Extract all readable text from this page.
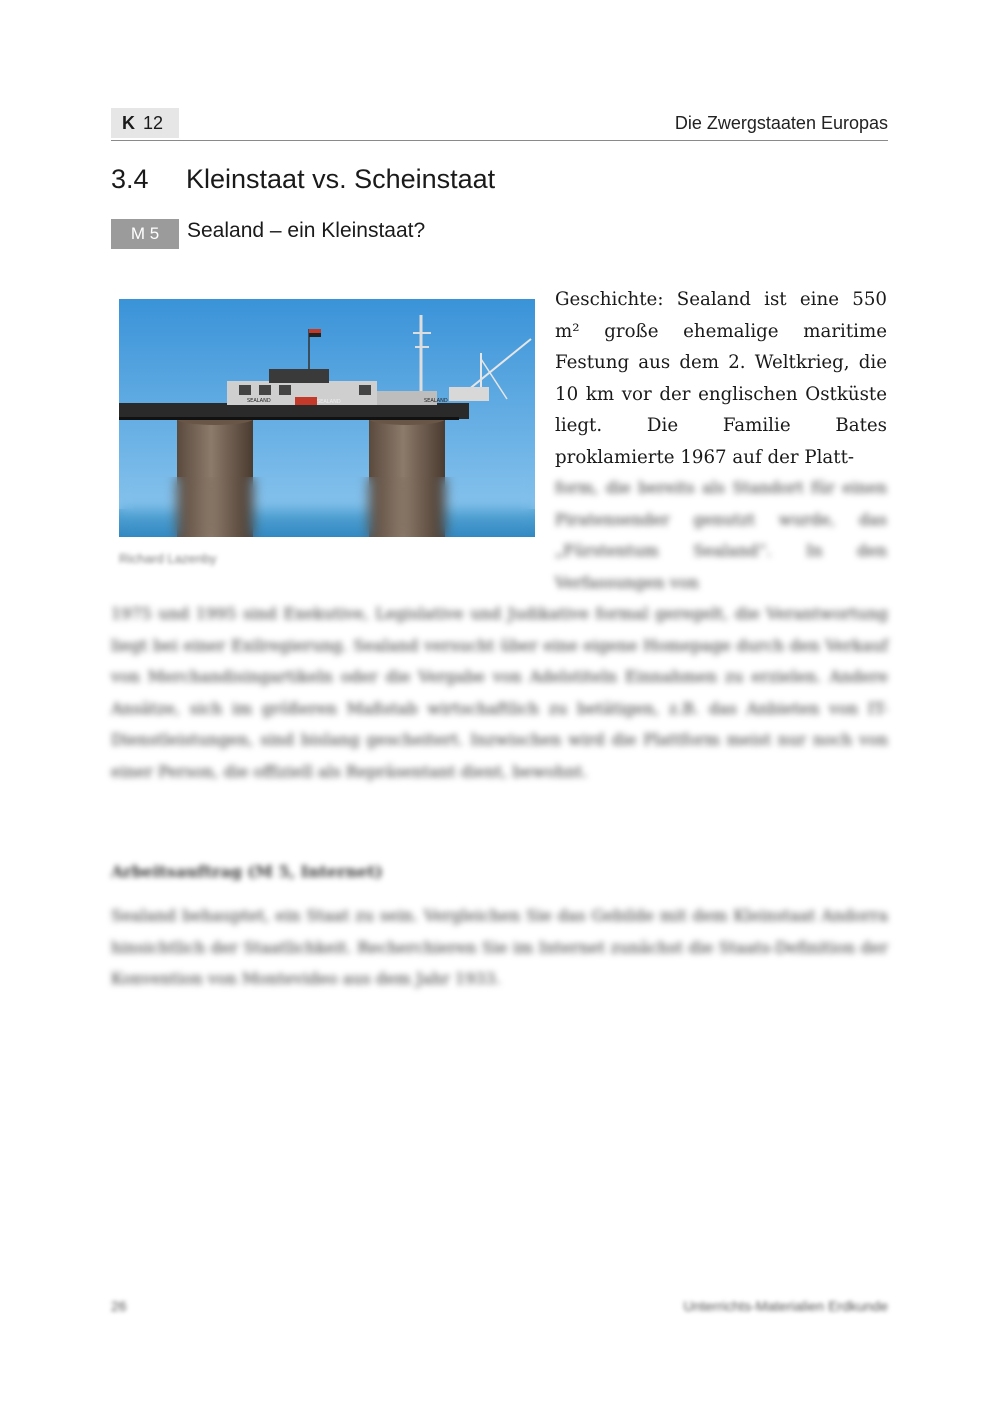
K 12	Die Zwergstaaten Europas
3.4 Kleinstaat vs. Scheinstaat
M 5	Sealand – ein Kleinstaat?
SEALAND	SEALAND	SEALAND
Richard Lazenby
Geschichte: Sealand ist eine 550 m² große ehemalige maritime Festung aus dem 2. Weltkrieg, die 10 km vor der englischen Ostküste liegt. Die Familie Bates proklamierte 1967 auf der Platt-
form, die bereits als Standort für einen Piratensender genutzt wurde, das „Fürstentum Sealand“. In den Verfassungen von
1975 und 1995 sind Exekutive, Legislative und Judikative formal geregelt, die Verantwortung liegt bei einer Exilregierung. Sealand versucht über eine eigene Homepage durch den Verkauf von Merchandisingartikeln oder die Vergabe von Adelstiteln Einnahmen zu erzielen. Andere Ansätze, sich im größeren Maßstab wirtschaftlich zu betätigen, z.B. das Anbieten von IT-Dienstleistungen, sind bislang gescheitert. Inzwischen wird die Plattform meist nur noch von einer Person, die offiziell als Repräsentant dient, bewohnt.
Arbeitsauftrag (M 5, Internet)
Sealand behauptet, ein Staat zu sein. Vergleichen Sie das Gebilde mit dem Kleinstaat Andorra hinsichtlich der Staatlichkeit. Recherchieren Sie im Internet zunächst die Staats-Definition der Konvention von Montevideo aus dem Jahr 1933.
26	Unterrichts-Materialien Erdkunde
